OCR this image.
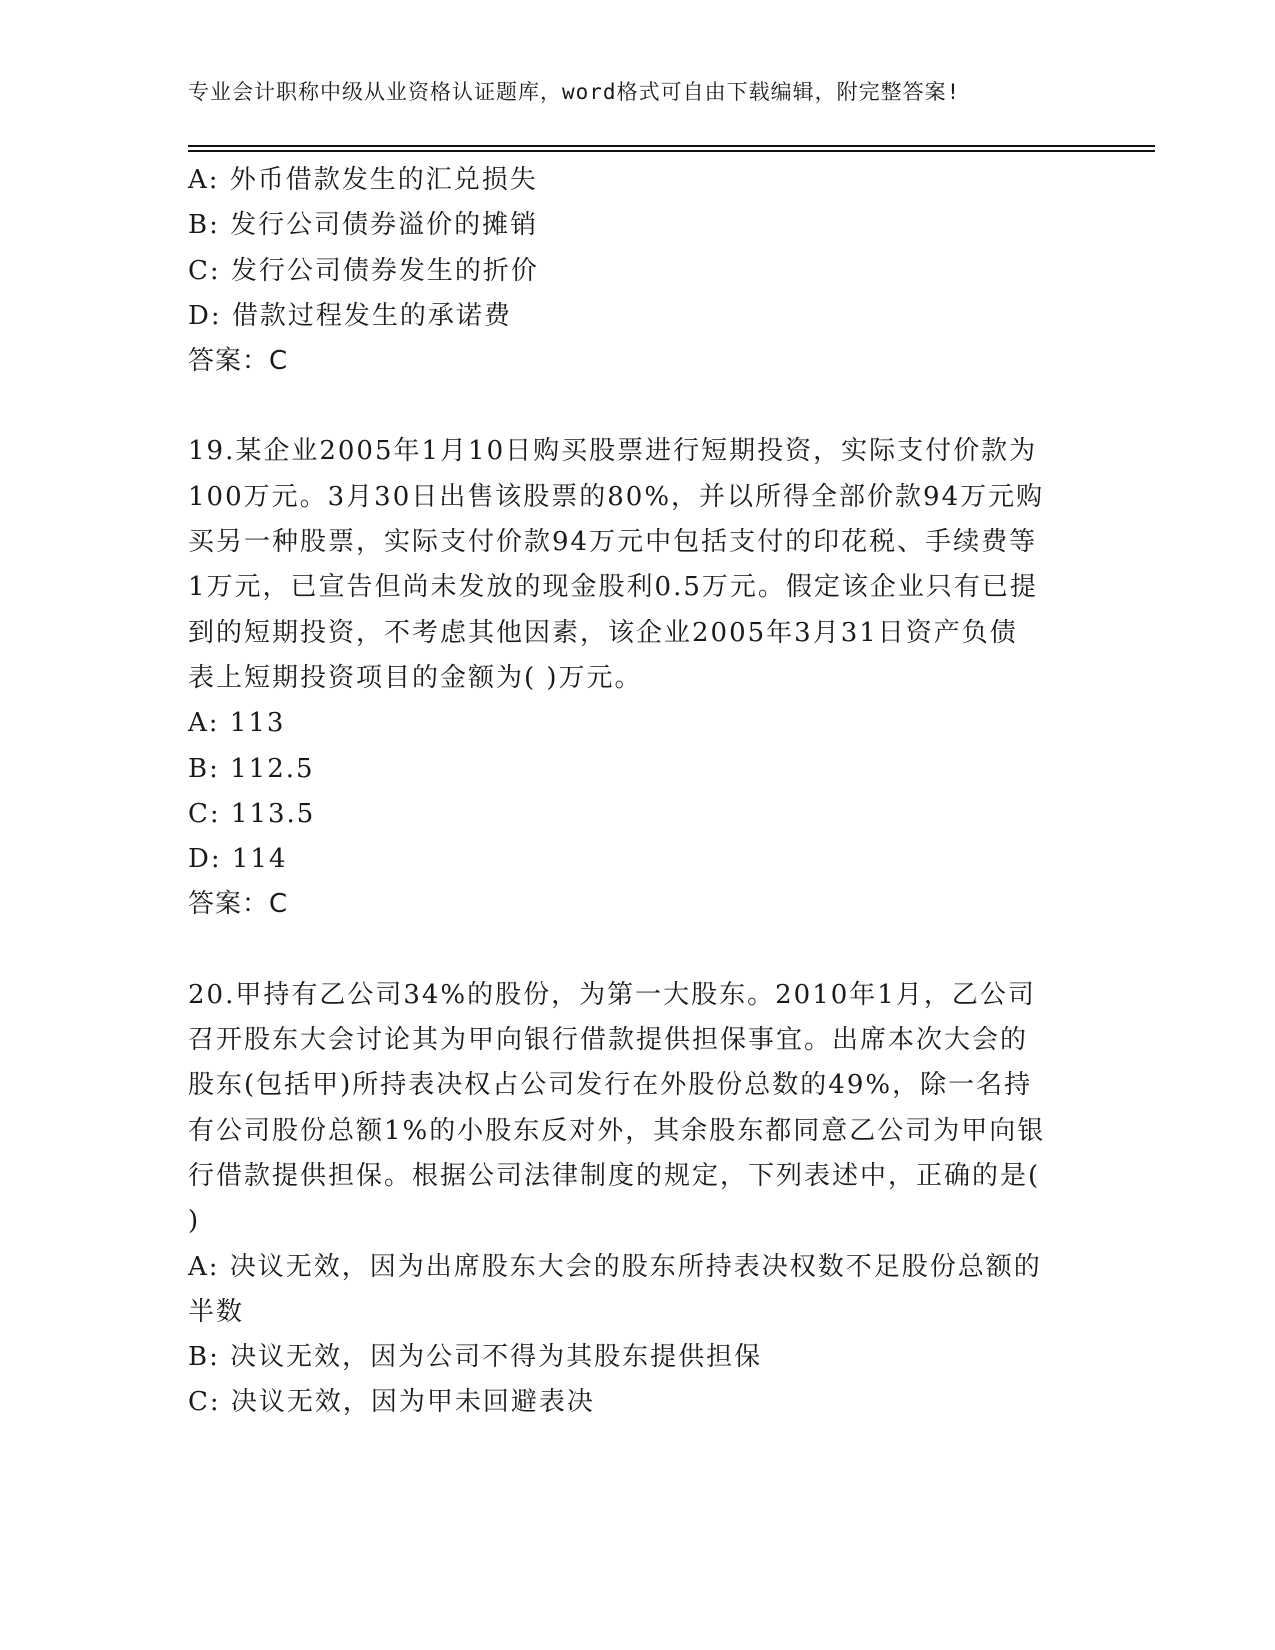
专业会计职称中级从业资格认证题库，word格式可自由下载编辑，附完整答案!
A: 外币借款发生的汇兑损失
B: 发行公司债券溢价的摊销
C: 发行公司债券发生的折价
D: 借款过程发生的承诺费
答案：C
19.某企业2005年1月10日购买股票进行短期投资，实际支付价款为
100万元。3月30日出售该股票的80%，并以所得全部价款94万元购
买另一种股票，实际支付价款94万元中包括支付的印花税、手续费等
1万元，已宣告但尚未发放的现金股利0.5万元。假定该企业只有已提
到的短期投资，不考虑其他因素，该企业2005年3月31日资产负债
表上短期投资项目的金额为( )万元。
A: 113
B: 112.5
C: 113.5
D: 114
答案：C
20.甲持有乙公司34%的股份，为第一大股东。2010年1月，乙公司
召开股东大会讨论其为甲向银行借款提供担保事宜。出席本次大会的
股东(包括甲)所持表决权占公司发行在外股份总数的49%，除一名持
有公司股份总额1%的小股东反对外，其余股东都同意乙公司为甲向银
行借款提供担保。根据公司法律制度的规定，下列表述中，正确的是(
)
A: 决议无效，因为出席股东大会的股东所持表决权数不足股份总额的
半数
B: 决议无效，因为公司不得为其股东提供担保
C: 决议无效，因为甲未回避表决
